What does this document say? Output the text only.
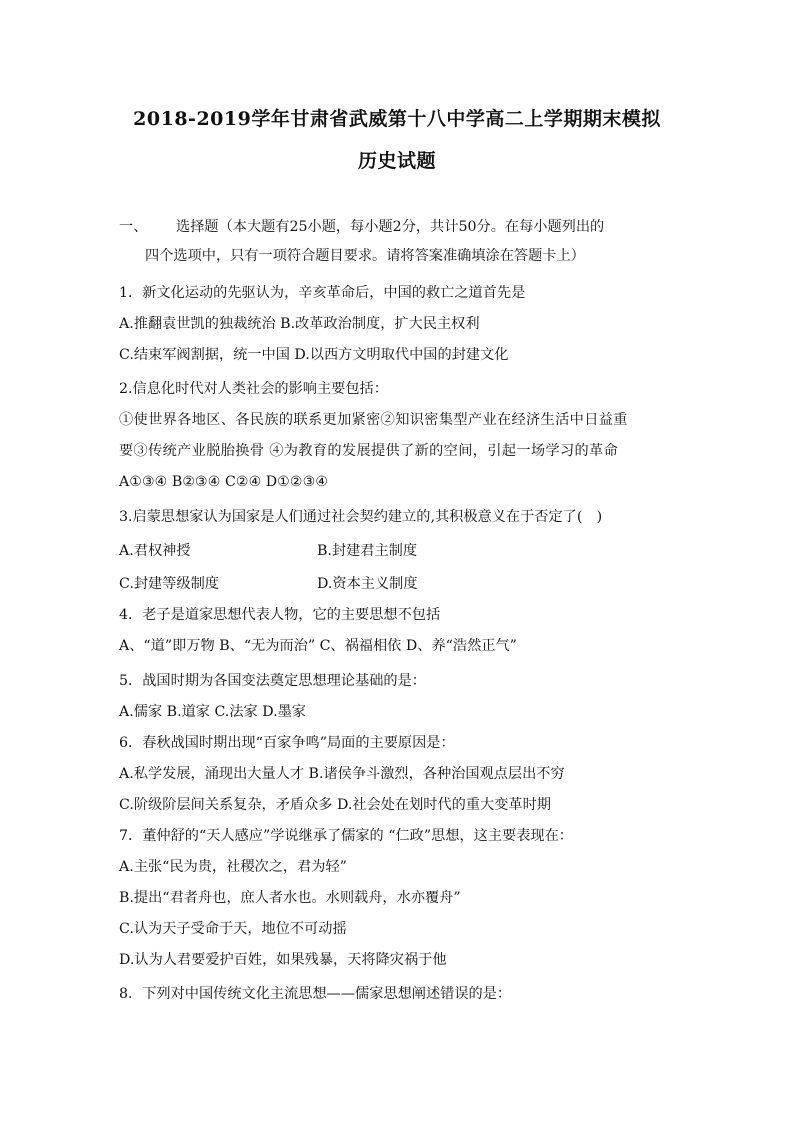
2018-2019学年甘肃省武威第十八中学高二上学期期末模拟
历史试题
一、 选择题（本大题有25小题，每小题2分，共计50分。在每小题列出的
四个选项中，只有一项符合题目要求。请将答案准确填涂在答题卡上）
1．新文化运动的先驱认为，辛亥革命后，中国的救亡之道首先是
A.推翻袁世凯的独裁统治 B.改革政治制度，扩大民主权利
C.结束军阀割据，统一中国 D.以西方文明取代中国的封建文化
2.信息化时代对人类社会的影响主要包括：
①使世界各地区、各民族的联系更加紧密②知识密集型产业在经济生活中日益重
要③传统产业脱胎换骨 ④为教育的发展提供了新的空间，引起一场学习的革命
A①③④ B②③④ C②④ D①②③④
3.启蒙思想家认为国家是人们通过社会契约建立的,其积极意义在于否定了(　)
A.君权神授	B.封建君主制度
C.封建等级制度	D.资本主义制度
4．老子是道家思想代表人物，它的主要思想不包括
A、“道”即万物 B、“无为而治” C、祸福相依 D、养“浩然正气”
5．战国时期为各国变法奠定思想理论基础的是：
A.儒家 B.道家 C.法家 D.墨家
6．春秋战国时期出现“百家争鸣”局面的主要原因是：
A.私学发展，涌现出大量人才 B.诸侯争斗激烈，各种治国观点层出不穷
C.阶级阶层间关系复杂，矛盾众多 D.社会处在划时代的重大变革时期
7．董仲舒的“天人感应”学说继承了儒家的 “仁政”思想，这主要表现在：
A.主张“民为贵，社稷次之，君为轻”
B.提出“君者舟也，庶人者水也。水则载舟，水亦覆舟”
C.认为天子受命于天，地位不可动摇
D.认为人君要爱护百姓，如果残暴，天将降灾祸于他
8．下列对中国传统文化主流思想——儒家思想阐述错误的是：
